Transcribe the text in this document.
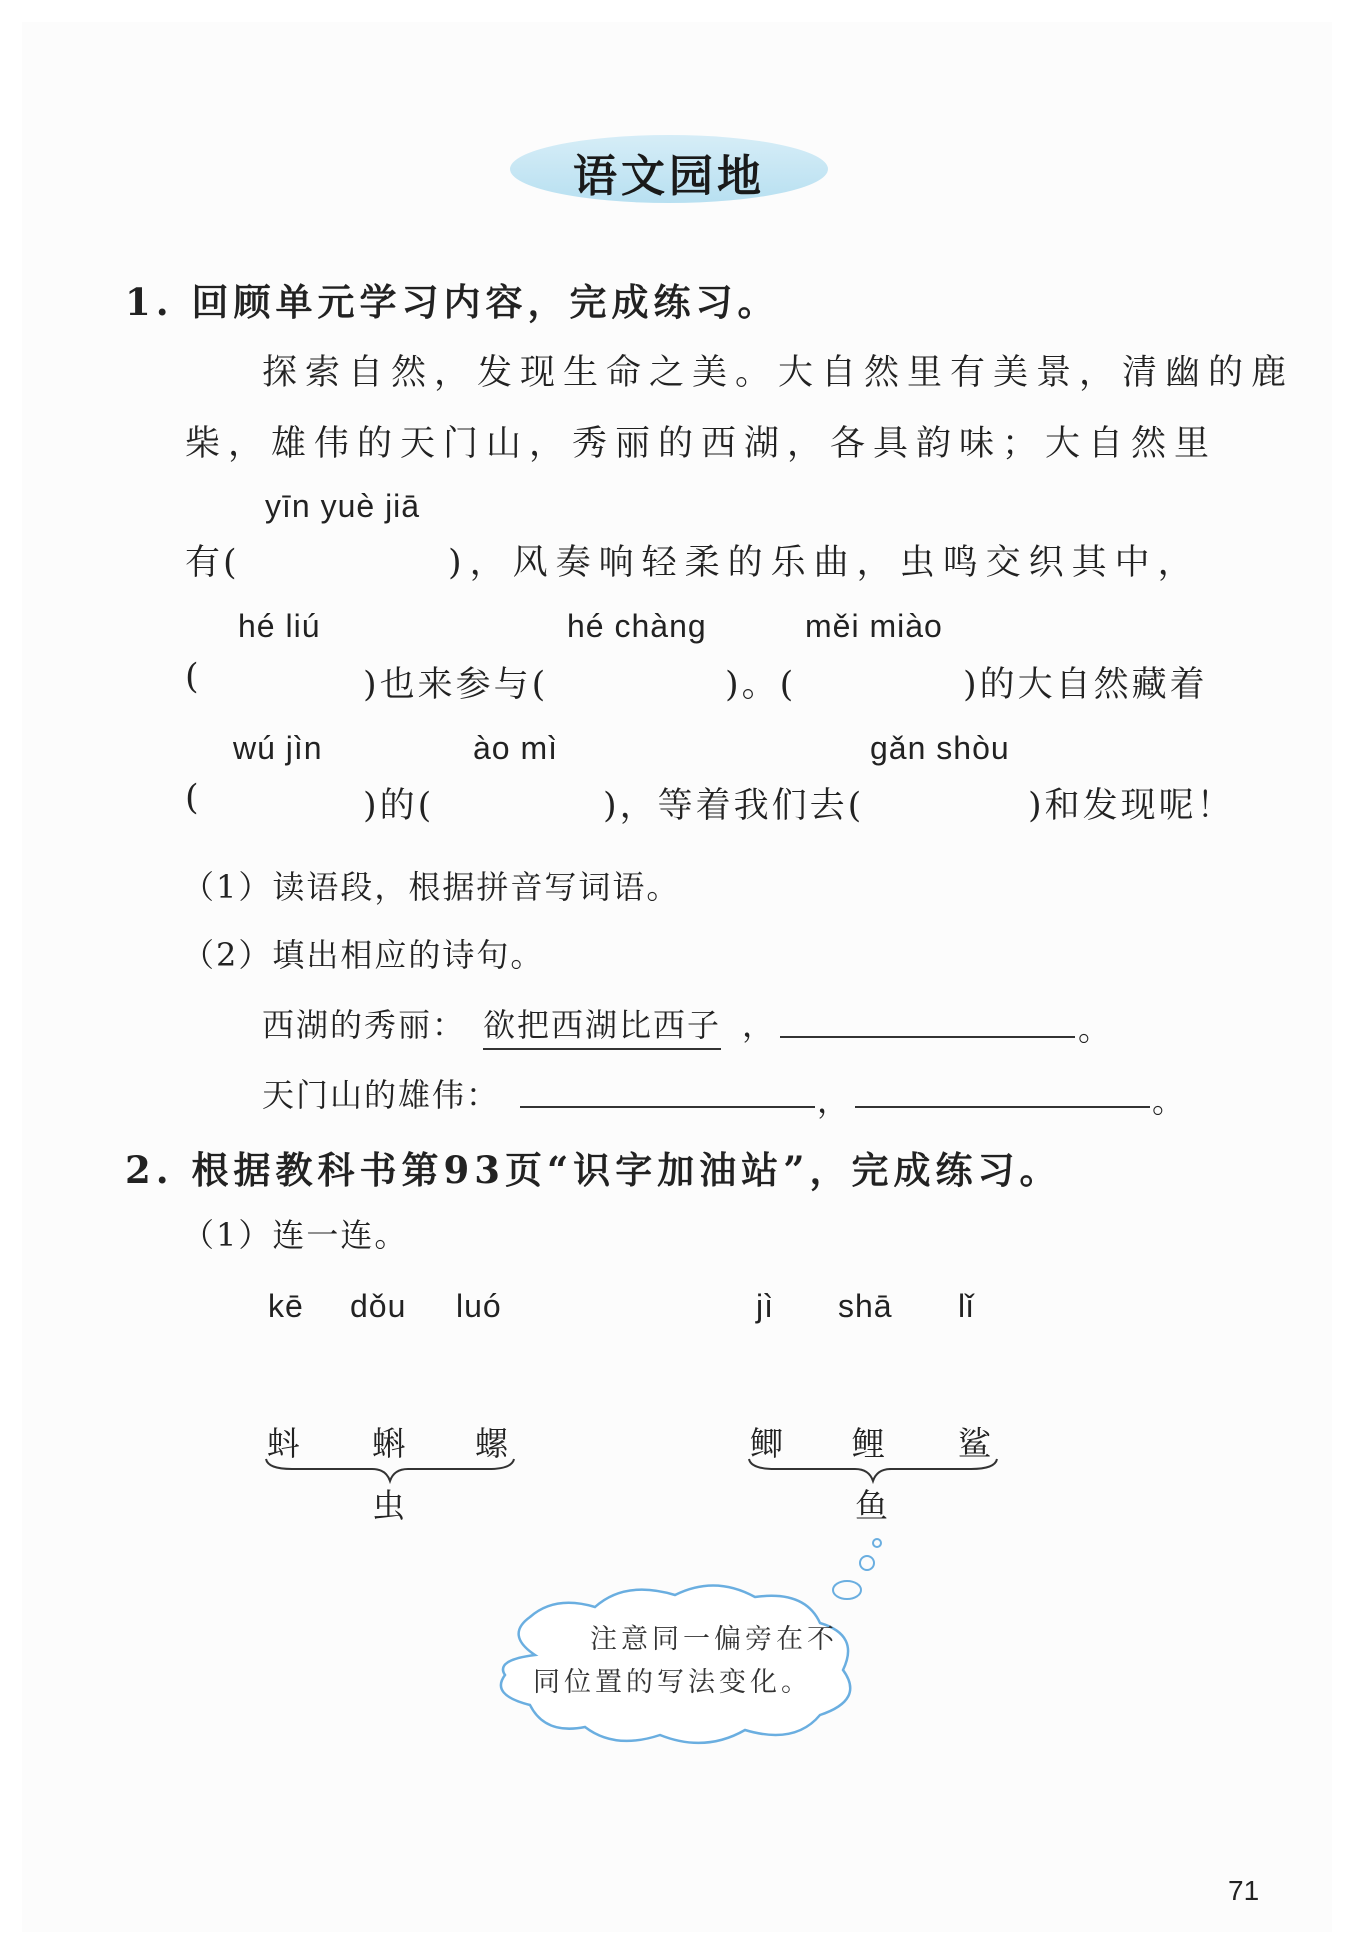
语文园地
1. 回顾单元学习内容，完成练习。
探索自然，发现生命之美。大自然里有美景，清幽的鹿
柴，雄伟的天门山，秀丽的西湖，各具韵味；大自然里
yīn yuè jiā
有(	)，风奏响轻柔的乐曲，虫鸣交织其中，
hé liú	hé chàng	měi miào
(	)也来参与(	)。(	)的大自然藏着
wú jìn	ào mì	gǎn shòu
(	)的(	)，等着我们去(	)和发现呢！
（1）读语段，根据拼音写词语。
（2）填出相应的诗句。
西湖的秀丽： 欲把西湖比西子 ，	。
天门山的雄伟：	，	。
2. 根据教科书第93页“识字加油站”，完成练习。
（1）连一连。
kē dǒu luó	jì shā lǐ
蚪 蝌 螺	鲫 鲤 鲨
虫	鱼
注意同一偏旁在不
同位置的写法变化。
71
